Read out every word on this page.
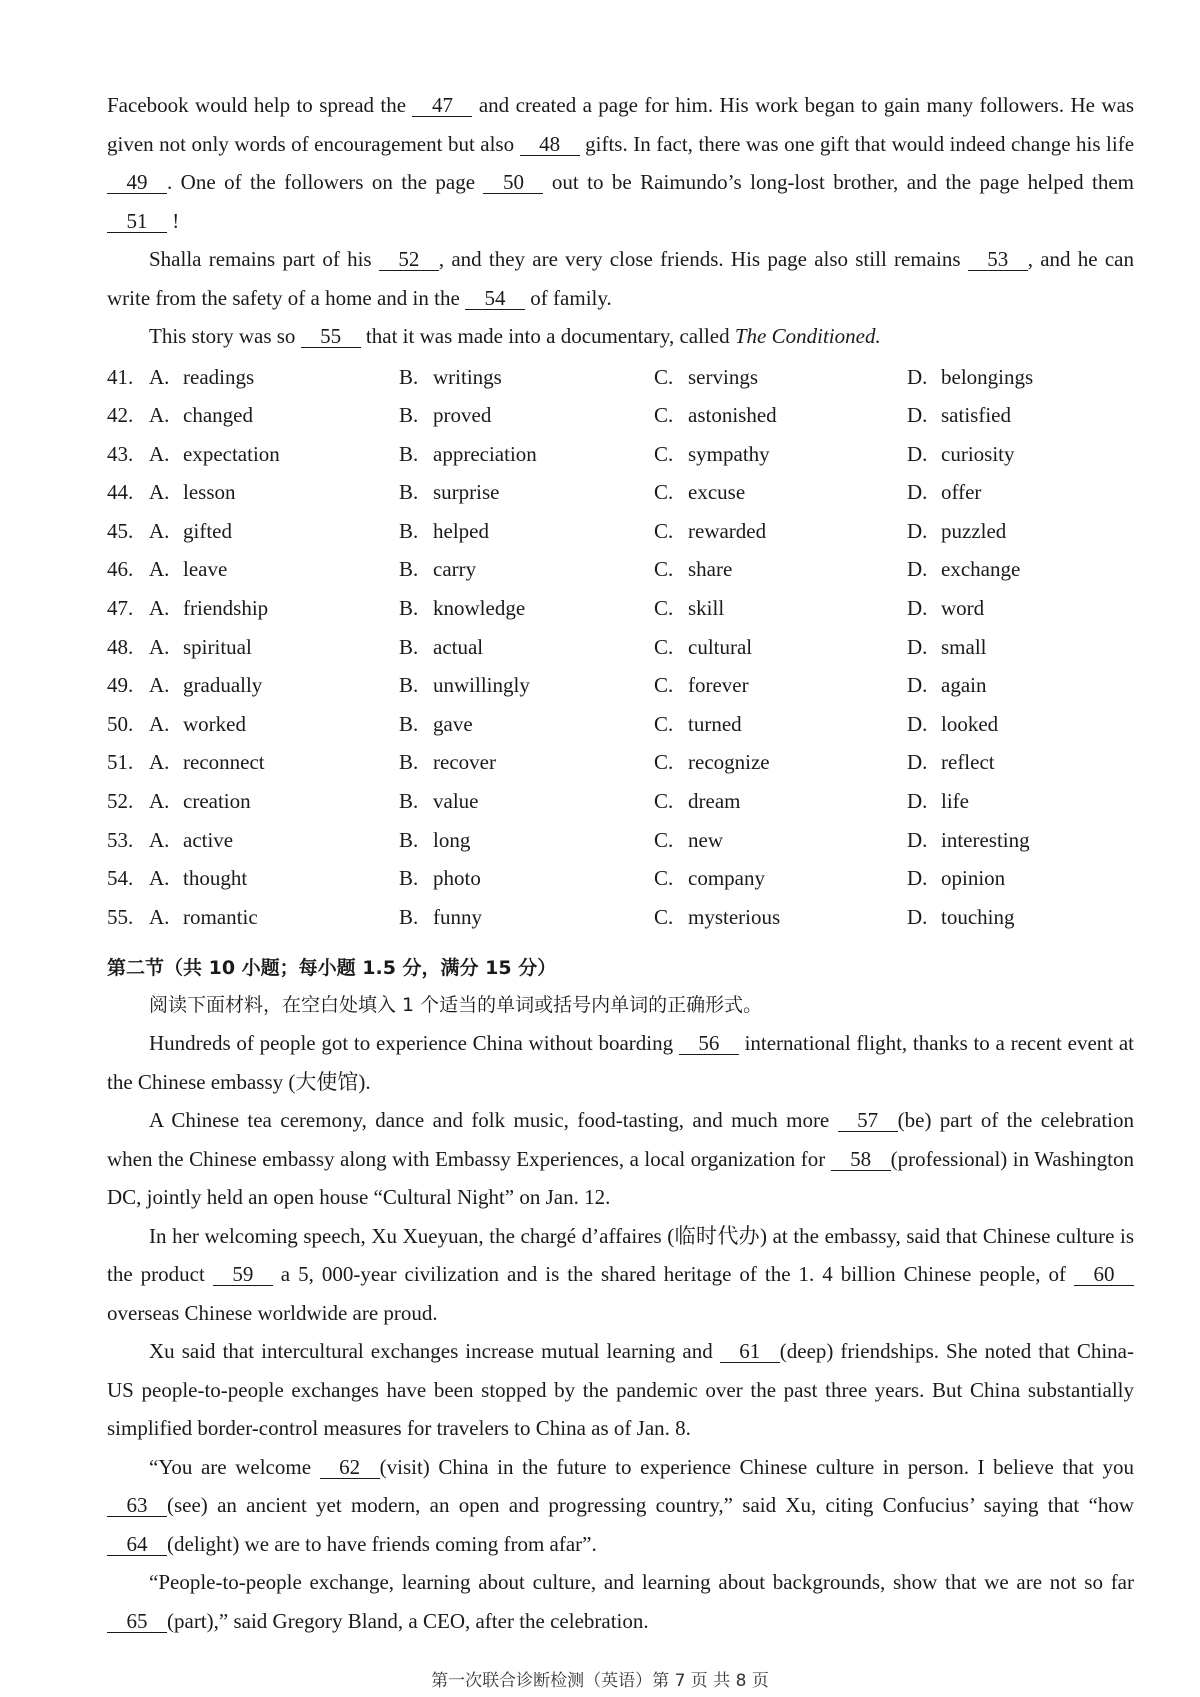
Facebook would help to spread the 47 and created a page for him. His work began to gain many followers. He was given not only words of encouragement but also 48 gifts. In fact, there was one gift that would indeed change his life 49 . One of the followers on the page 50 out to be Raimundo’s long-lost brother, and the page helped them 51 !

Shalla remains part of his 52 , and they are very close friends. His page also still remains 53 , and he can write from the safety of a home and in the 54 of family.

This story was so 55 that it was made into a documentary, called The Conditioned.

41. A. readings	B. writings	C. servings	D. belongings
42. A. changed	B. proved	C. astonished	D. satisfied
43. A. expectation	B. appreciation	C. sympathy	D. curiosity
44. A. lesson	B. surprise	C. excuse	D. offer
45. A. gifted	B. helped	C. rewarded	D. puzzled
46. A. leave	B. carry	C. share	D. exchange
47. A. friendship	B. knowledge	C. skill	D. word
48. A. spiritual	B. actual	C. cultural	D. small
49. A. gradually	B. unwillingly	C. forever	D. again
50. A. worked	B. gave	C. turned	D. looked
51. A. reconnect	B. recover	C. recognize	D. reflect
52. A. creation	B. value	C. dream	D. life
53. A. active	B. long	C. new	D. interesting
54. A. thought	B. photo	C. company	D. opinion
55. A. romantic	B. funny	C. mysterious	D. touching
第二节（共 10 小题；每小题 1.5 分，满分 15 分）
阅读下面材料，在空白处填入 1 个适当的单词或括号内单词的正确形式。

Hundreds of people got to experience China without boarding 56 international flight, thanks to a recent event at the Chinese embassy (大使馆).

A Chinese tea ceremony, dance and folk music, food-tasting, and much more 57 (be) part of the celebration when the Chinese embassy along with Embassy Experiences, a local organization for 58 (professional) in Washington DC, jointly held an open house “Cultural Night” on Jan. 12.

In her welcoming speech, Xu Xueyuan, the chargé d’affaires (临时代办) at the embassy, said that Chinese culture is the product 59 a 5, 000-year civilization and is the shared heritage of the 1. 4 billion Chinese people, of 60 overseas Chinese worldwide are proud.

Xu said that intercultural exchanges increase mutual learning and 61 (deep) friendships. She noted that China-US people-to-people exchanges have been stopped by the pandemic over the past three years. But China substantially simplified border-control measures for travelers to China as of Jan. 8.

“You are welcome 62 (visit) China in the future to experience Chinese culture in person. I believe that you 63 (see) an ancient yet modern, an open and progressing country,” said Xu, citing Confucius’ saying that “how 64 (delight) we are to have friends coming from afar”.

“People-to-people exchange, learning about culture, and learning about backgrounds, show that we are not so far 65 (part),” said Gregory Bland, a CEO, after the celebration.

第一次联合诊断检测（英语）第 7 页 共 8 页
